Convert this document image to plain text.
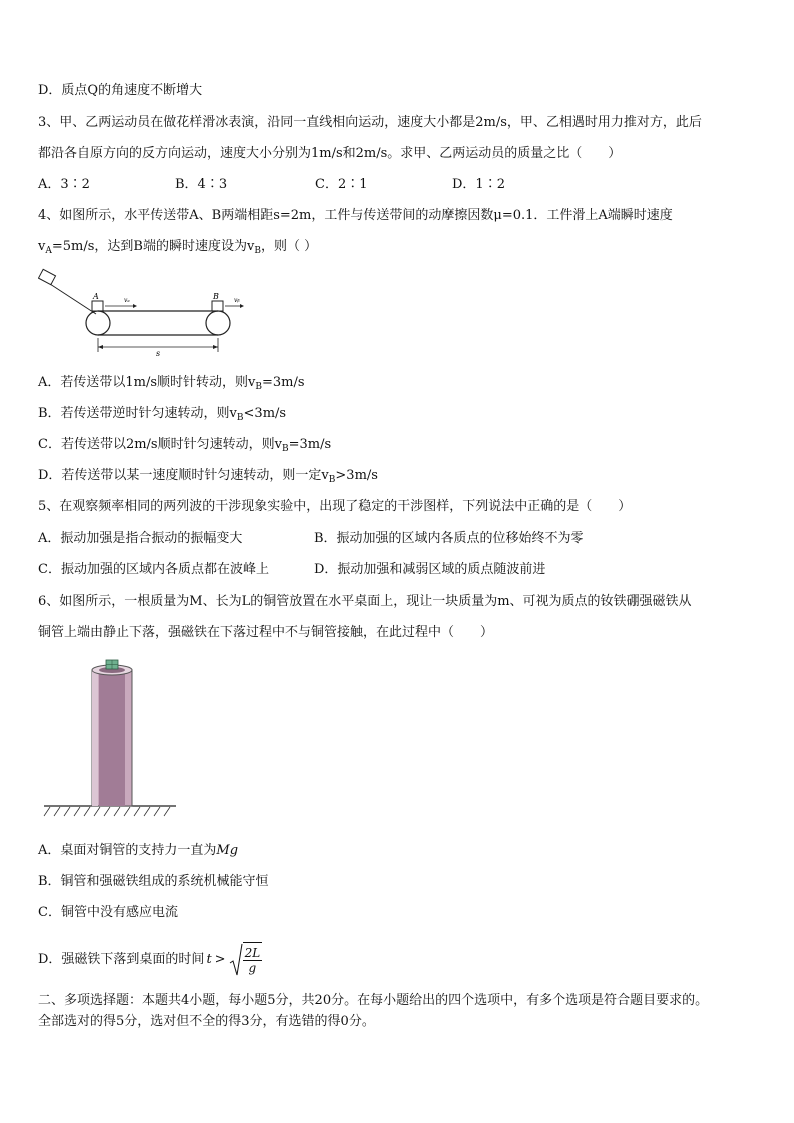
D．质点Q的角速度不断增大
3、甲、乙两运动员在做花样滑冰表演，沿同一直线相向运动，速度大小都是2m/s，甲、乙相遇时用力推对方，此后
都沿各自原方向的反方向运动，速度大小分别为1m/s和2m/s。求甲、乙两运动员的质量之比（　　）
A．3∶2	B．4∶3	C．2∶1	D．1∶2
4、如图所示，水平传送带A、B两端相距s=2m，工件与传送带间的动摩擦因数μ=0.1．工件滑上A端瞬时速度
$v_A=5m/s$，达到B端的瞬时速度设为$v_B$，则（ ）
A	B
vₐ	vᵦ
s
A．若传送带以1m/s顺时针转动，则$v_B=3m/s$
B．若传送带逆时针匀速转动，则$v_B<3m/s$
C．若传送带以2m/s顺时针匀速转动，则$v_B=3m/s$
D．若传送带以某一速度顺时针匀速转动，则一定$v_B>3m/s$
5、在观察频率相同的两列波的干涉现象实验中，出现了稳定的干涉图样，下列说法中正确的是（　　）
A．振动加强是指合振动的振幅变大	B．振动加强的区域内各质点的位移始终不为零
C．振动加强的区域内各质点都在波峰上	D．振动加强和减弱区域的质点随波前进
6、如图所示，一根质量为M、长为L的铜管放置在水平桌面上，现让一块质量为m、可视为质点的钕铁硼强磁铁从
铜管上端由静止下落，强磁铁在下落过程中不与铜管接触，在此过程中（　　）
A．桌面对铜管的支持力一直为Mg
B．铜管和强磁铁组成的系统机械能守恒
C．铜管中没有感应电流
D．强磁铁下落到桌面的时间 $t > \frac{2L}{g}$
二、多项选择题：本题共4小题，每小题5分，共20分。在每小题给出的四个选项中，有多个选项是符合题目要求的。
全部选对的得5分，选对但不全的得3分，有选错的得0分。
